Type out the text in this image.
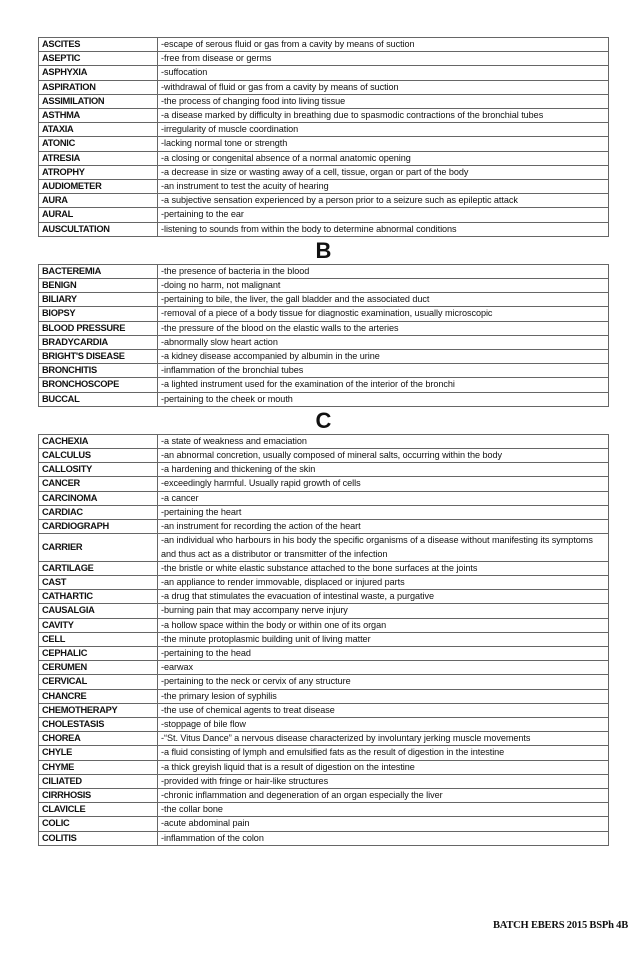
ASCITES	-escape of serous fluid or gas from a cavity by means of suction
ASEPTIC	-free from disease or germs
ASPHYXIA	-suffocation
ASPIRATION	-withdrawal of fluid or gas from a cavity by means of suction
ASSIMILATION	-the process of changing food into living tissue
ASTHMA	-a disease marked by difficulty in breathing due to spasmodic contractions of the bronchial tubes
ATAXIA	-irregularity of muscle coordination
ATONIC	-lacking normal tone or strength
ATRESIA	-a closing or congenital absence of a normal anatomic opening
ATROPHY	-a decrease in size or wasting away of a cell, tissue, organ or part of the body
AUDIOMETER	-an instrument to test the acuity of hearing
AURA	-a subjective sensation experienced by a person prior to a seizure such as epileptic attack
AURAL	-pertaining to the ear
AUSCULTATION	-listening to sounds from within the body to determine abnormal conditions
B
BACTEREMIA	-the presence of bacteria in the blood
BENIGN	-doing no harm, not malignant
BILIARY	-pertaining to bile, the liver, the gall bladder and the associated duct
BIOPSY	-removal of a piece of a body tissue for diagnostic examination, usually microscopic
BLOOD PRESSURE	-the pressure of the blood on the elastic walls to the arteries
BRADYCARDIA	-abnormally slow heart action
BRIGHT'S DISEASE	-a kidney disease accompanied by albumin in the urine
BRONCHITIS	-inflammation of the bronchial tubes
BRONCHOSCOPE	-a lighted instrument used for the examination of the interior of the bronchi
BUCCAL	-pertaining to the cheek or mouth
C
CACHEXIA	-a state of weakness and emaciation
CALCULUS	-an abnormal concretion, usually composed of mineral salts, occurring within the body
CALLOSITY	-a hardening and thickening of the skin
CANCER	-exceedingly harmful. Usually rapid growth of cells
CARCINOMA	-a cancer
CARDIAC	-pertaining the heart
CARDIOGRAPH	-an instrument for recording the action of the heart
CARRIER	-an individual who harbours in his body the specific organisms of a disease without manifesting its symptoms and thus act as a distributor or transmitter of the infection
CARTILAGE	-the bristle or white elastic substance attached to the bone surfaces at the joints
CAST	-an appliance to render immovable, displaced or injured parts
CATHARTIC	-a drug that stimulates the evacuation of intestinal waste, a purgative
CAUSALGIA	-burning pain that may accompany nerve injury
CAVITY	-a hollow space within the body or within one of its organ
CELL	-the minute protoplasmic building unit of living matter
CEPHALIC	-pertaining to the head
CERUMEN	-earwax
CERVICAL	-pertaining to the neck or cervix of any structure
CHANCRE	-the primary lesion of syphilis
CHEMOTHERAPY	-the use of chemical agents to treat disease
CHOLESTASIS	-stoppage of bile flow
CHOREA	-“St. Vitus Dance” a nervous disease characterized by involuntary jerking muscle movements
CHYLE	-a fluid consisting of lymph and emulsified fats as the result of digestion in the intestine
CHYME	-a thick greyish liquid that is a result of digestion on the intestine
CILIATED	-provided with fringe or hair-like structures
CIRRHOSIS	-chronic inflammation and degeneration of an organ especially the liver
CLAVICLE	-the collar bone
COLIC	-acute abdominal pain
COLITIS	-inflammation of the colon
BATCH EBERS 2015 BSPh 4B
